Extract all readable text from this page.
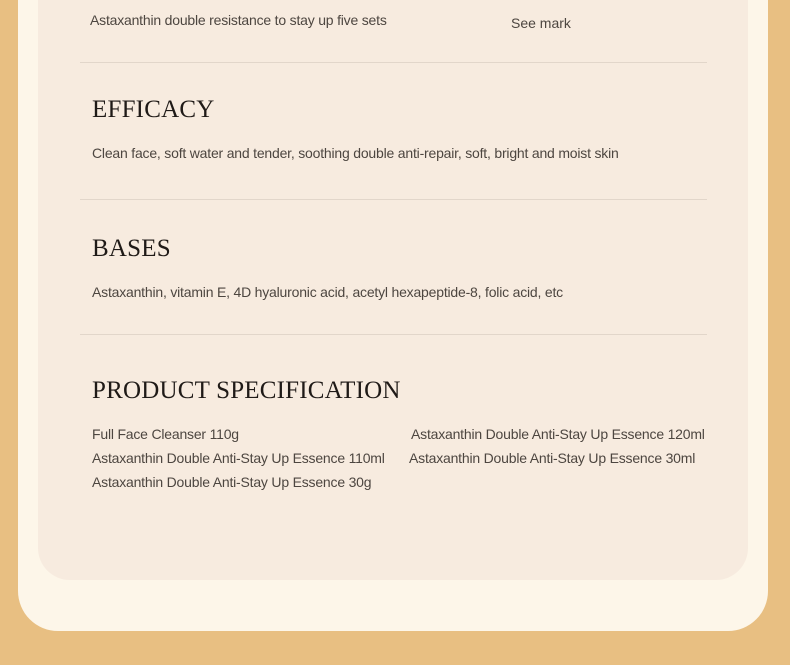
Astaxanthin double resistance to stay up five sets	See mark
EFFICACY
Clean face, soft water and tender, soothing double anti-repair, soft, bright and moist skin
BASES
Astaxanthin, vitamin E, 4D hyaluronic acid, acetyl hexapeptide-8, folic acid, etc
PRODUCT SPECIFICATION
Full Face Cleanser 110g	Astaxanthin Double Anti-Stay Up Essence 120ml
Astaxanthin Double Anti-Stay Up Essence 110ml Astaxanthin Double Anti-Stay Up Essence 30ml
Astaxanthin Double Anti-Stay Up Essence 30g
